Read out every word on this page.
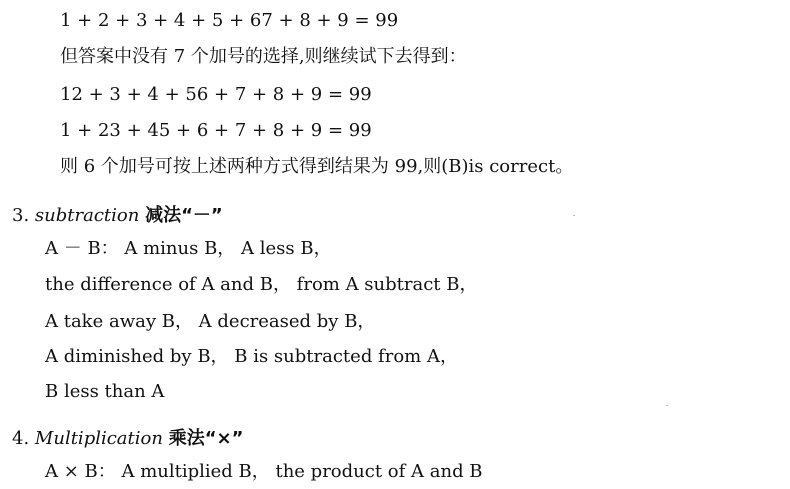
1 + 2 + 3 + 4 + 5 + 67 + 8 + 9 = 99
但答案中没有 7 个加号的选择,则继续试下去得到：
12 + 3 + 4 + 56 + 7 + 8 + 9 = 99
1 + 23 + 45 + 6 + 7 + 8 + 9 = 99
则 6 个加号可按上述两种方式得到结果为 99,则(B)is correct。
3. subtraction 减法“－”
A － B： A minus B， A less B，
the difference of A and B， from A subtract B，
A take away B， A decreased by B，
A diminished by B， B is subtracted from A，
B less than A
4. Multiplication 乘法“×”
A × B： A multiplied B， the product of A and B
